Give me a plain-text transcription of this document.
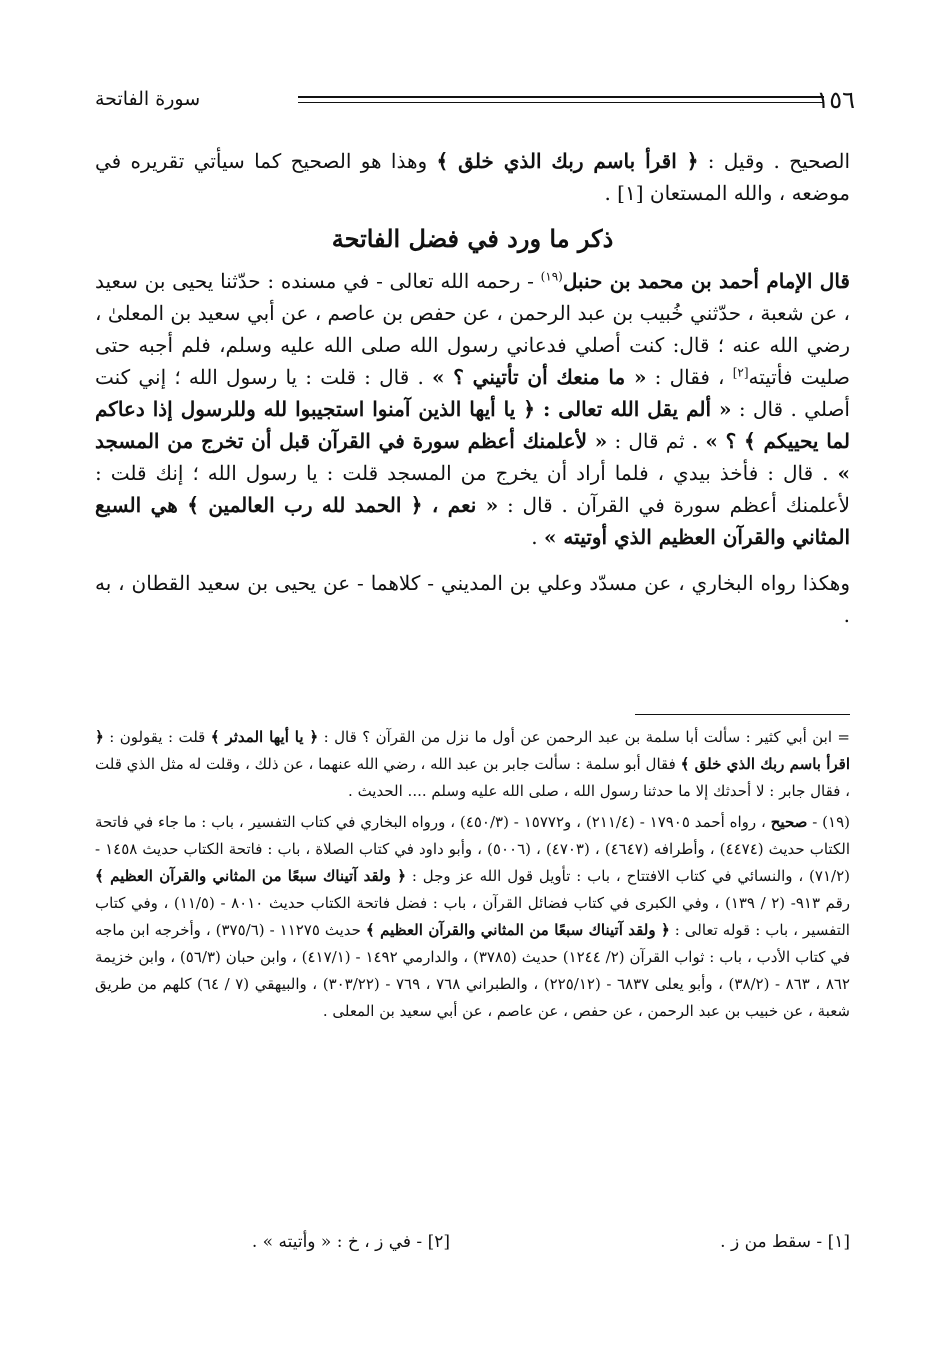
١٥٦
سورة الفاتحة

الصحيح . وقيل : ﴿ اقرأ باسم ربك الذي خلق ﴾ وهذا هو الصحيح كما سيأتي تقريره في موضعه ، والله المستعان [١] .

ذكر ما ورد في فضل الفاتحة

قال الإمام أحمد بن محمد بن حنبل$^{(١٩)}$ - رحمه الله تعالى - في مسنده : حدّثنا يحيى بن سعيد ، عن شعبة ، حدّثني خُبيب بن عبد الرحمن ، عن حفص بن عاصم ، عن أبي سعيد بن المعلىٰ ، رضي الله عنه ؛ قال: كنت أصلي فدعاني رسول الله صلى الله عليه وسلم، فلم أجبه حتى صليت فأتيته[٢] ، فقال : « ما منعك أن تأتيني ؟ » . قال : قلت : يا رسول الله ؛ إني كنت أصلي . قال : « ألم يقل الله تعالى : ﴿ يا أيها الذين آمنوا استجيبوا لله وللرسول إذا دعاكم لما يحييكم ﴾ ؟ » . ثم قال : « لأعلمنك أعظم سورة في القرآن قبل أن تخرج من المسجد » . قال : فأخذ بيدي ، فلما أراد أن يخرج من المسجد قلت : يا رسول الله ؛ إنك قلت : لأعلمنك أعظم سورة في القرآن . قال : « نعم ، ﴿ الحمد لله رب العالمين ﴾ هي السبع المثاني والقرآن العظيم الذي أوتيته » .

وهكذا رواه البخاري ، عن مسدّد وعلي بن المديني - كلاهما - عن يحيى بن سعيد القطان ، به .

= ابن أبي كثير : سألت أبا سلمة بن عبد الرحمن عن أول ما نزل من القرآن ؟ قال : ﴿ يا أيها المدثر ﴾ قلت : يقولون : ﴿ اقرأ باسم ربك الذي خلق ﴾ فقال أبو سلمة : سألت جابر بن عبد الله ، رضي الله عنهما ، عن ذلك ، وقلت له مثل الذي قلت ، فقال جابر : لا أحدثك إلا ما حدثنا رسول الله ، صلى الله عليه وسلم .... الحديث .

(١٩) - صحيح ، رواه أحمد ١٧٩٠٥ - (٢١١/٤) ، و١٥٧٧٢ - (٤٥٠/٣) ، ورواه البخاري في كتاب التفسير ، باب : ما جاء في فاتحة الكتاب حديث (٤٤٧٤) ، وأطرافه (٤٦٤٧) ، (٤٧٠٣) ، (٥٠٠٦) ، وأبو داود في كتاب الصلاة ، باب : فاتحة الكتاب حديث ١٤٥٨ - (٧١/٢) ، والنسائي في كتاب الافتتاح ، باب : تأويل قول الله عز وجل : ﴿ ولقد آتيناك سبعًا من المثاني والقرآن العظيم ﴾ رقم ٩١٣- (٢ / ١٣٩) ، وفي الكبرى في كتاب فضائل القرآن ، باب : فضل فاتحة الكتاب حديث ٨٠١٠ - (١١/٥) ، وفي كتاب التفسير ، باب : قوله تعالى : ﴿ ولقد آتيناك سبعًا من المثاني والقرآن العظيم ﴾ حديث ١١٢٧٥ - (٣٧٥/٦) ، وأخرجه ابن ماجه في كتاب الأدب ، باب : ثواب القرآن (٢/ ١٢٤٤) حديث (٣٧٨٥) ، والدارمي ١٤٩٢ - (٤١٧/١) ، وابن حبان (٥٦/٣) ، وابن خزيمة ٨٦٢ ، ٨٦٣ - (٣٨/٢) ، وأبو يعلى ٦٨٣٧ - (٢٢٥/١٢) ، والطبراني ٧٦٨ ، ٧٦٩ - (٣٠٣/٢٢) ، والبيهقي (٧ / ٦٤) كلهم من طريق شعبة ، عن خبيب بن عبد الرحمن ، عن حفص ، عن عاصم ، عن أبي سعيد بن المعلى .

[١] - سقط من ز .
[٢] - في ز ، خ : « وأتيته » .
